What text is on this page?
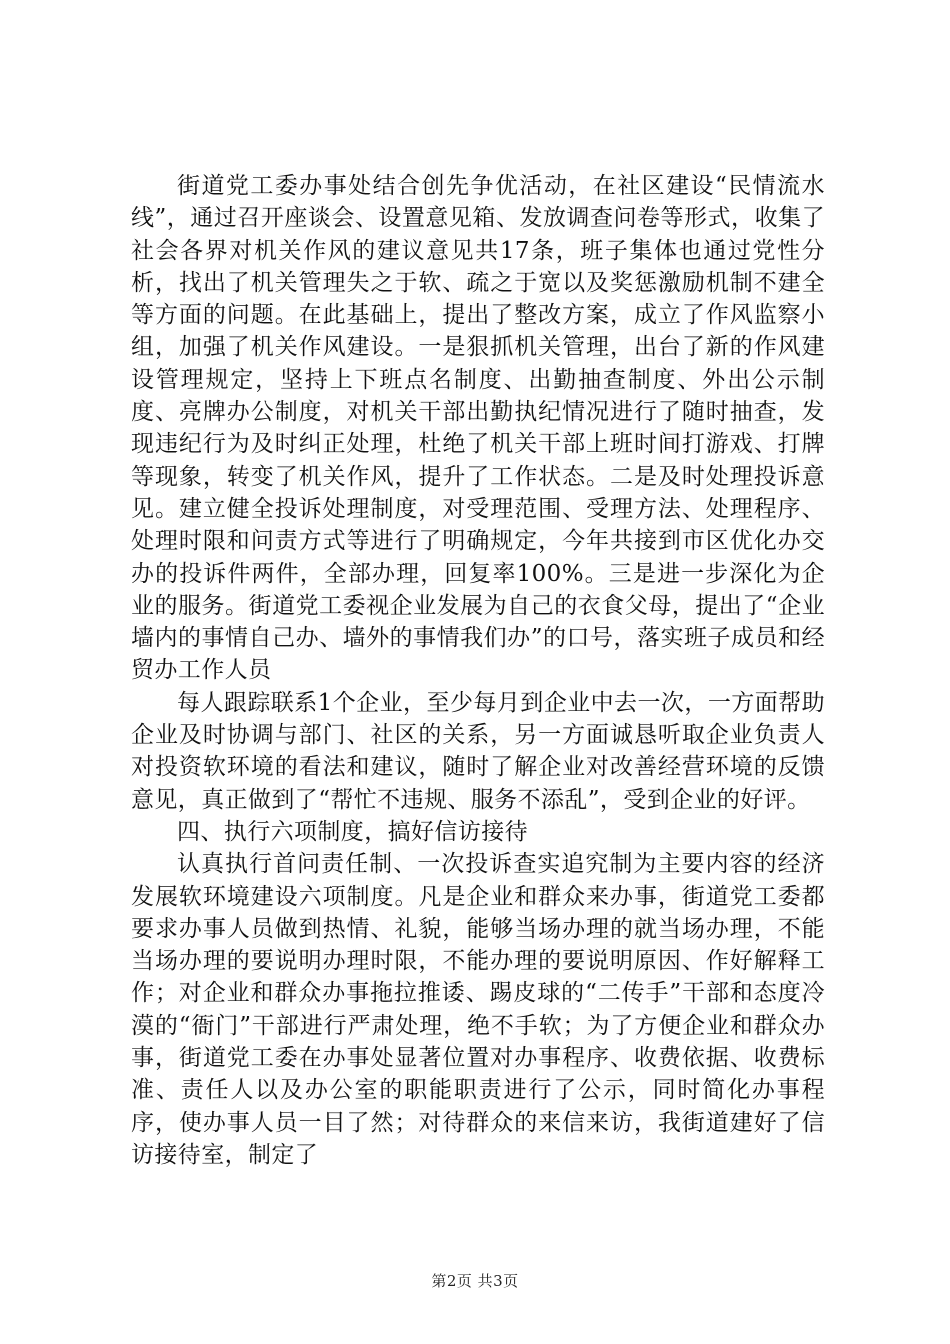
街道党工委办事处结合创先争优活动，在社区建设“民情流水线”，通过召开座谈会、设置意见箱、发放调查问卷等形式，收集了社会各界对机关作风的建议意见共17条，班子集体也通过党性分析，找出了机关管理失之于软、疏之于宽以及奖惩激励机制不建全等方面的问题。在此基础上，提出了整改方案，成立了作风监察小组，加强了机关作风建设。一是狠抓机关管理，出台了新的作风建设管理规定，坚持上下班点名制度、出勤抽查制度、外出公示制度、亮牌办公制度，对机关干部出勤执纪情况进行了随时抽查，发现违纪行为及时纠正处理，杜绝了机关干部上班时间打游戏、打牌等现象，转变了机关作风，提升了工作状态。二是及时处理投诉意见。建立健全投诉处理制度，对受理范围、受理方法、处理程序、处理时限和问责方式等进行了明确规定，今年共接到市区优化办交办的投诉件两件，全部办理，回复率100%。三是进一步深化为企业的服务。街道党工委视企业发展为自己的衣食父母，提出了“企业墙内的事情自己办、墙外的事情我们办”的口号，落实班子成员和经贸办工作人员

每人跟踪联系1个企业，至少每月到企业中去一次，一方面帮助企业及时协调与部门、社区的关系，另一方面诚恳听取企业负责人对投资软环境的看法和建议，随时了解企业对改善经营环境的反馈意见，真正做到了“帮忙不违规、服务不添乱”，受到企业的好评。

四、执行六项制度，搞好信访接待

认真执行首问责任制、一次投诉查实追究制为主要内容的经济发展软环境建设六项制度。凡是企业和群众来办事，街道党工委都要求办事人员做到热情、礼貌，能够当场办理的就当场办理，不能当场办理的要说明办理时限，不能办理的要说明原因、作好解释工作；对企业和群众办事拖拉推诿、踢皮球的“二传手”干部和态度冷漠的“衙门”干部进行严肃处理，绝不手软；为了方便企业和群众办事，街道党工委在办事处显著位置对办事程序、收费依据、收费标准、责任人以及办公室的职能职责进行了公示，同时简化办事程序，使办事人员一目了然；对待群众的来信来访，我街道建好了信访接待室，制定了

第2页 共3页
